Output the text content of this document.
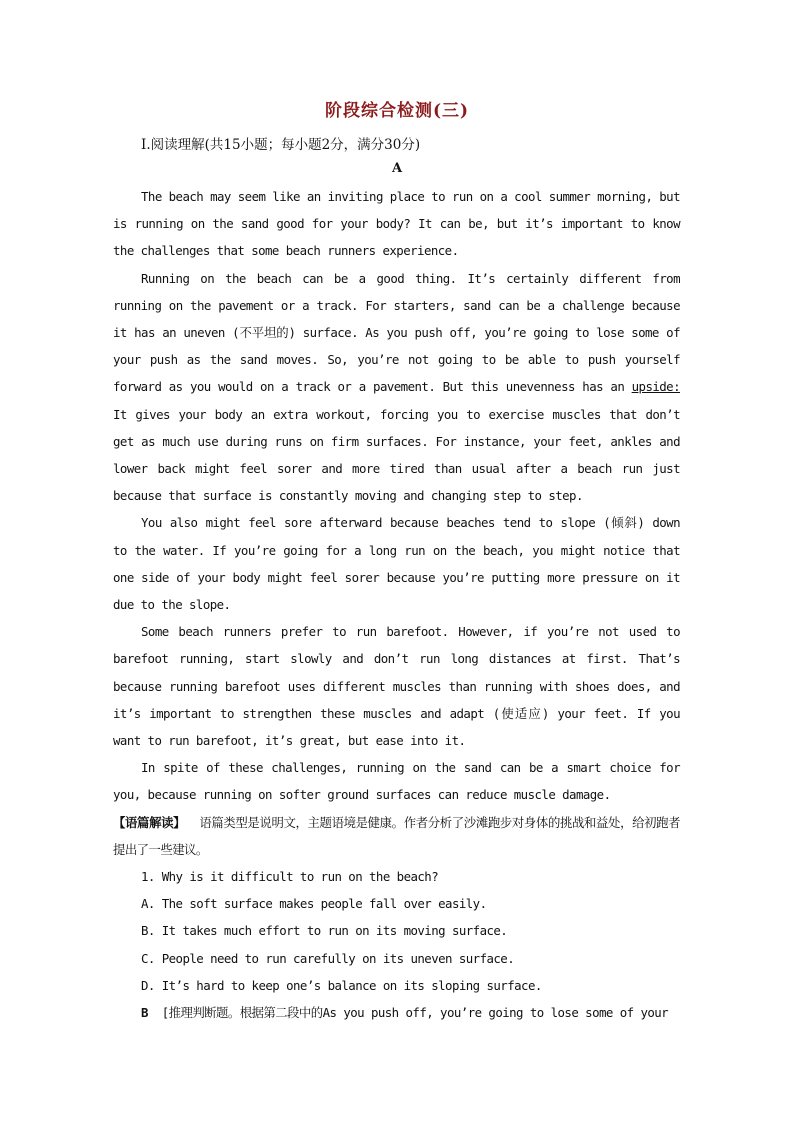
阶段综合检测(三)
Ⅰ.阅读理解(共15小题；每小题2分，满分30分)
A

The beach may seem like an inviting place to run on a cool summer morning, but is running on the sand good for your body? It can be, but it’s important to know the challenges that some beach runners experience.

Running on the beach can be a good thing. It’s certainly different from running on the pavement or a track. For starters, sand can be a challenge because it has an uneven (不平坦的) surface. As you push off, you’re going to lose some of your push as the sand moves. So, you’re not going to be able to push yourself forward as you would on a track or a pavement. But this unevenness has an upside: It gives your body an extra workout, forcing you to exercise muscles that don’t get as much use during runs on firm surfaces. For instance, your feet, ankles and lower back might feel sorer and more tired than usual after a beach run just because that surface is constantly moving and changing step to step.

You also might feel sore afterward because beaches tend to slope (倾斜) down to the water. If you’re going for a long run on the beach, you might notice that one side of your body might feel sorer because you’re putting more pressure on it due to the slope.

Some beach runners prefer to run barefoot. However, if you’re not used to barefoot running, start slowly and don’t run long distances at first. That’s because running barefoot uses different muscles than running with shoes does, and it’s important to strengthen these muscles and adapt (使适应) your feet. If you want to run barefoot, it’s great, but ease into it.

In spite of these challenges, running on the sand can be a smart choice for you, because running on softer ground surfaces can reduce muscle damage.

【语篇解读】 语篇类型是说明文，主题语境是健康。作者分析了沙滩跑步对身体的挑战和益处，给初跑者提出了一些建议。

1. Why is it difficult to run on the beach?

A. The soft surface makes people fall over easily.

B. It takes much effort to run on its moving surface.

C. People need to run carefully on its uneven surface.

D. It’s hard to keep one’s balance on its sloping surface.

B [推理判断题。根据第二段中的As you push off, you’re going to lose some of your
